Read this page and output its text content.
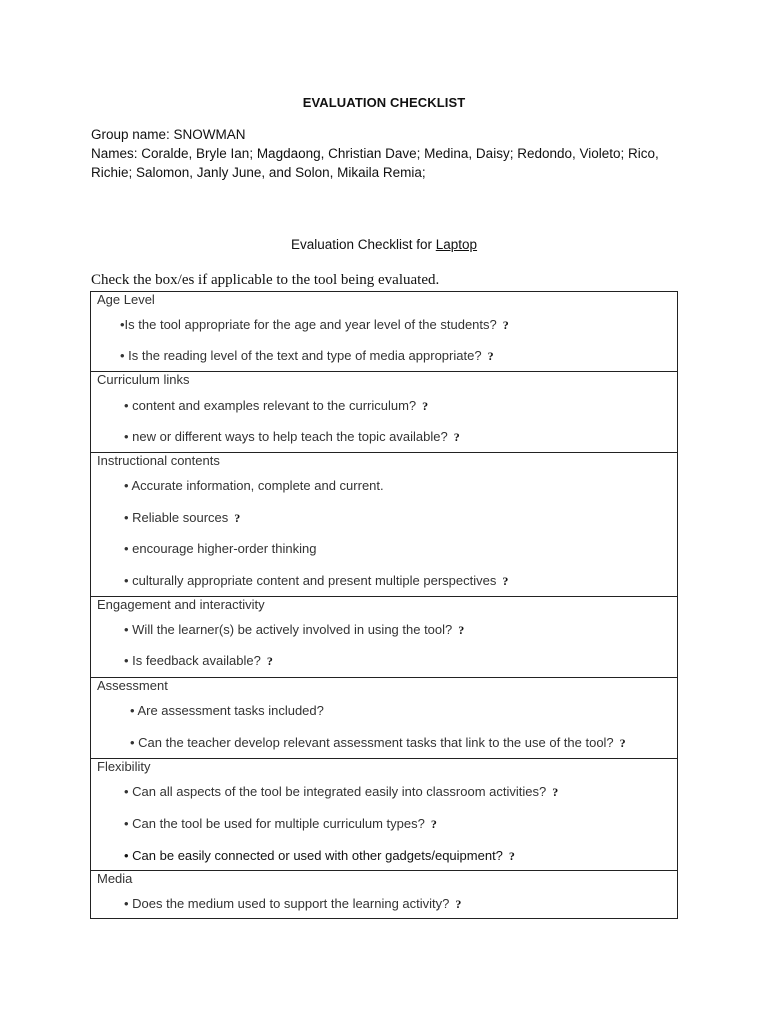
EVALUATION CHECKLIST
Group name: SNOWMAN
Names: Coralde, Bryle Ian; Magdaong, Christian Dave; Medina, Daisy; Redondo, Violeto; Rico,
Richie; Salomon, Janly June, and Solon, Mikaila Remia;
Evaluation Checklist for Laptop
Check the box/es if applicable to the tool being evaluated.
Age Level
•Is the tool appropriate for the age and year level of the students? ?
• Is the reading level of the text and type of media appropriate? ?
Curriculum links
• content and examples relevant to the curriculum? ?
• new or different ways to help teach the topic available? ?
Instructional contents
• Accurate information, complete and current.
• Reliable sources ?
• encourage higher-order thinking
• culturally appropriate content and present multiple perspectives ?
Engagement and interactivity
• Will the learner(s) be actively involved in using the tool? ?
• Is feedback available? ?
Assessment
• Are assessment tasks included?
• Can the teacher develop relevant assessment tasks that link to the use of the tool? ?
Flexibility
• Can all aspects of the tool be integrated easily into classroom activities? ?
• Can the tool be used for multiple curriculum types? ?
• Can be easily connected or used with other gadgets/equipment? ?
Media
• Does the medium used to support the learning activity? ?
